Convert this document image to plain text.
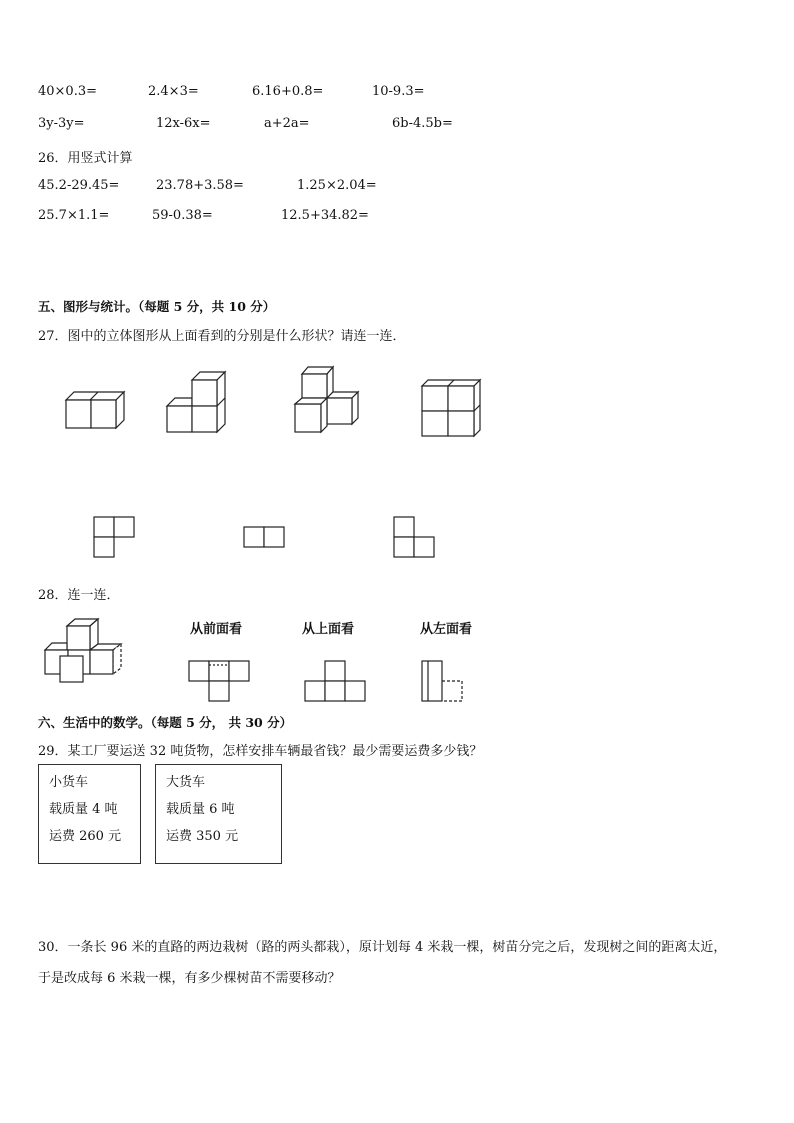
40×0.3=	2.4×3=	6.16+0.8=	10-9.3=
3y-3y=	12x-6x=	a+2a=	6b-4.5b=
26．用竖式计算
45.2-29.45=	23.78+3.58=	1.25×2.04=
25.7×1.1=	59-0.38=	12.5+34.82=
五、图形与统计。（每题 5 分，共 10 分）
27．图中的立体图形从上面看到的分别是什么形状？请连一连．
28．连一连．
从前面看	从上面看	从左面看
六、生活中的数学。（每题 5 分， 共 30 分）
29．某工厂要运送 32 吨货物，怎样安排车辆最省钱？最少需要运费多少钱？
小货车
载质量 4 吨
运费 260 元
大货车
载质量 6 吨
运费 350 元
30．一条长 96 米的直路的两边栽树（路的两头都栽），原计划每 4 米栽一棵，树苗分完之后，发现树之间的距离太近，
于是改成每 6 米栽一棵，有多少棵树苗不需要移动？
